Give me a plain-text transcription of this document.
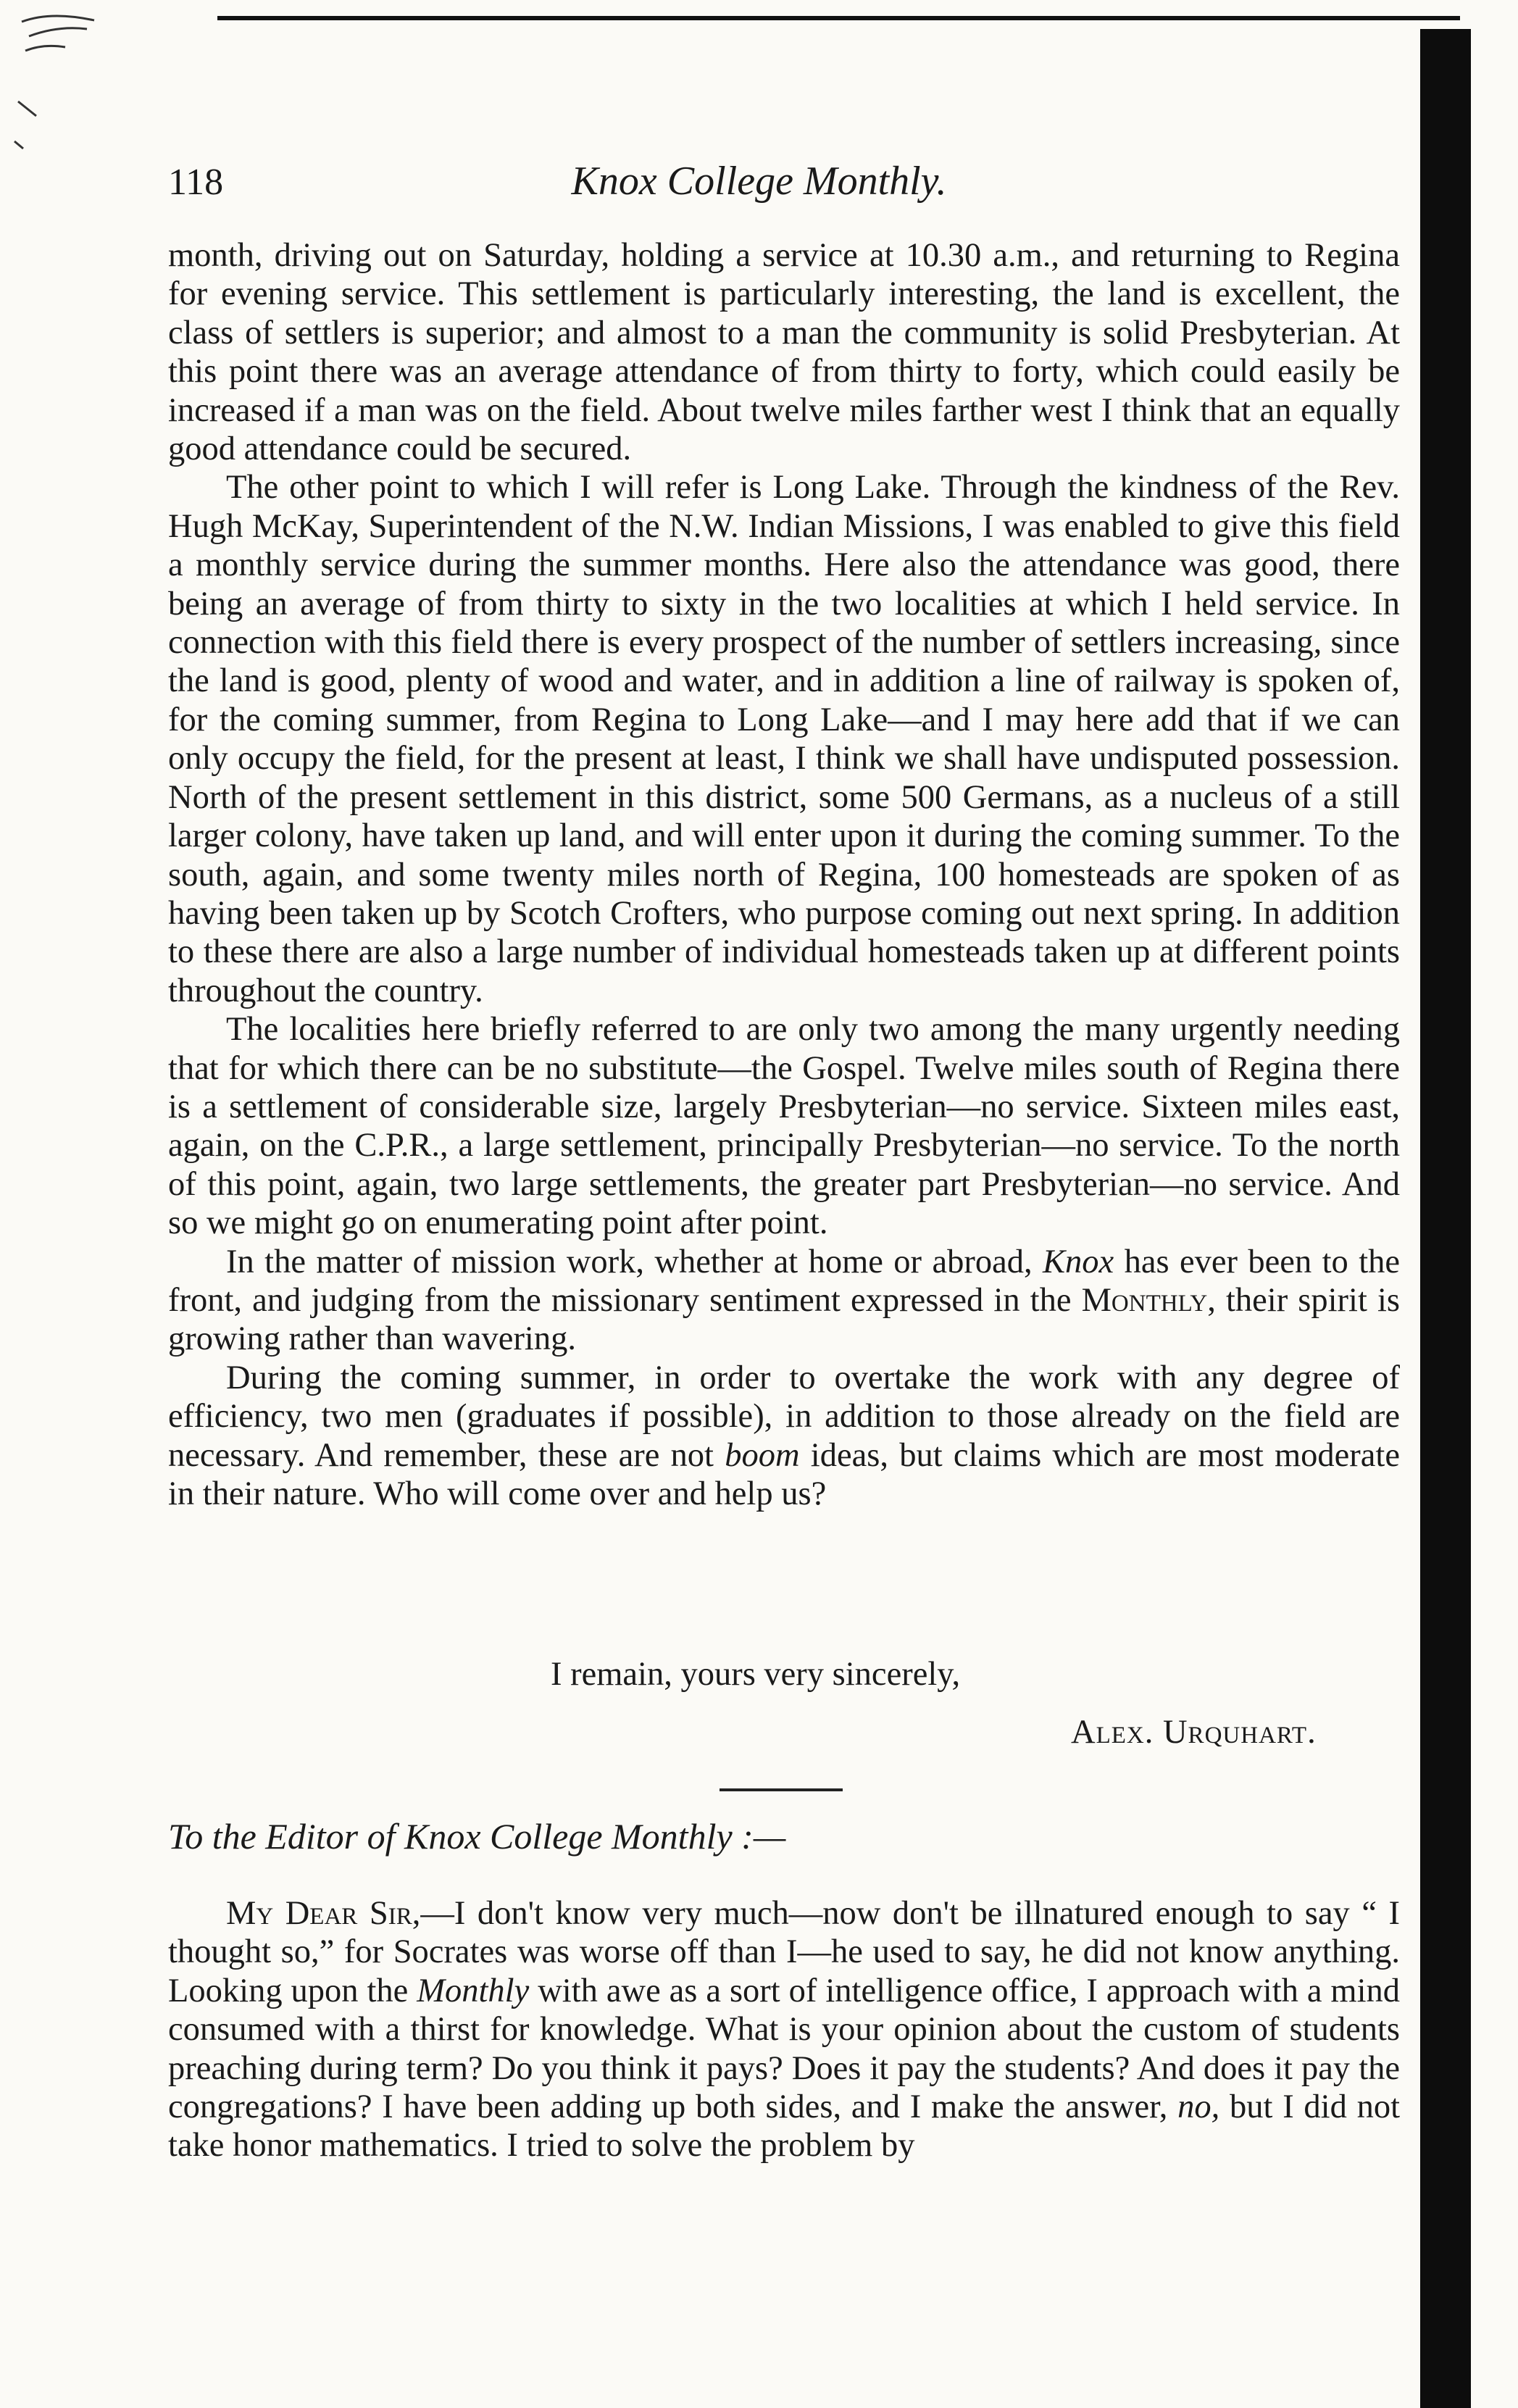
118	Knox College Monthly.

month, driving out on Saturday, holding a service at 10.30 a.m., and returning to Regina for evening service. This settlement is particularly interesting, the land is excellent, the class of settlers is superior; and almost to a man the community is solid Presbyterian. At this point there was an average attendance of from thirty to forty, which could easily be increased if a man was on the field. About twelve miles farther west I think that an equally good attendance could be secured.

The other point to which I will refer is Long Lake. Through the kindness of the Rev. Hugh McKay, Superintendent of the N.W. Indian Missions, I was enabled to give this field a monthly service during the summer months. Here also the attendance was good, there being an average of from thirty to sixty in the two localities at which I held service. In connection with this field there is every prospect of the number of settlers increasing, since the land is good, plenty of wood and water, and in addition a line of railway is spoken of, for the coming summer, from Regina to Long Lake—and I may here add that if we can only occupy the field, for the present at least, I think we shall have undisputed possession. North of the present settlement in this district, some 500 Germans, as a nucleus of a still larger colony, have taken up land, and will enter upon it during the coming summer. To the south, again, and some twenty miles north of Regina, 100 homesteads are spoken of as having been taken up by Scotch Crofters, who purpose coming out next spring. In addition to these there are also a large number of individual homesteads taken up at different points throughout the country.

The localities here briefly referred to are only two among the many urgently needing that for which there can be no substitute—the Gospel. Twelve miles south of Regina there is a settlement of considerable size, largely Presbyterian—no service. Sixteen miles east, again, on the C.P.R., a large settlement, principally Presbyterian—no service. To the north of this point, again, two large settlements, the greater part Presbyterian—no service. And so we might go on enumerating point after point.

In the matter of mission work, whether at home or abroad, Knox has ever been to the front, and judging from the missionary sentiment expressed in the Monthly, their spirit is growing rather than wavering.

During the coming summer, in order to overtake the work with any degree of efficiency, two men (graduates if possible), in addition to those already on the field are necessary. And remember, these are not boom ideas, but claims which are most moderate in their nature. Who will come over and help us?

I remain, yours very sincerely,
Alex. Urquhart.
To the Editor of Knox College Monthly :—

My Dear Sir,—I don't know very much—now don't be illnatured enough to say “ I thought so,” for Socrates was worse off than I—he used to say, he did not know anything. Looking upon the Monthly with awe as a sort of intelligence office, I approach with a mind consumed with a thirst for knowledge. What is your opinion about the custom of students preaching during term? Do you think it pays? Does it pay the students? And does it pay the congregations? I have been adding up both sides, and I make the answer, no, but I did not take honor mathematics. I tried to solve the problem by
